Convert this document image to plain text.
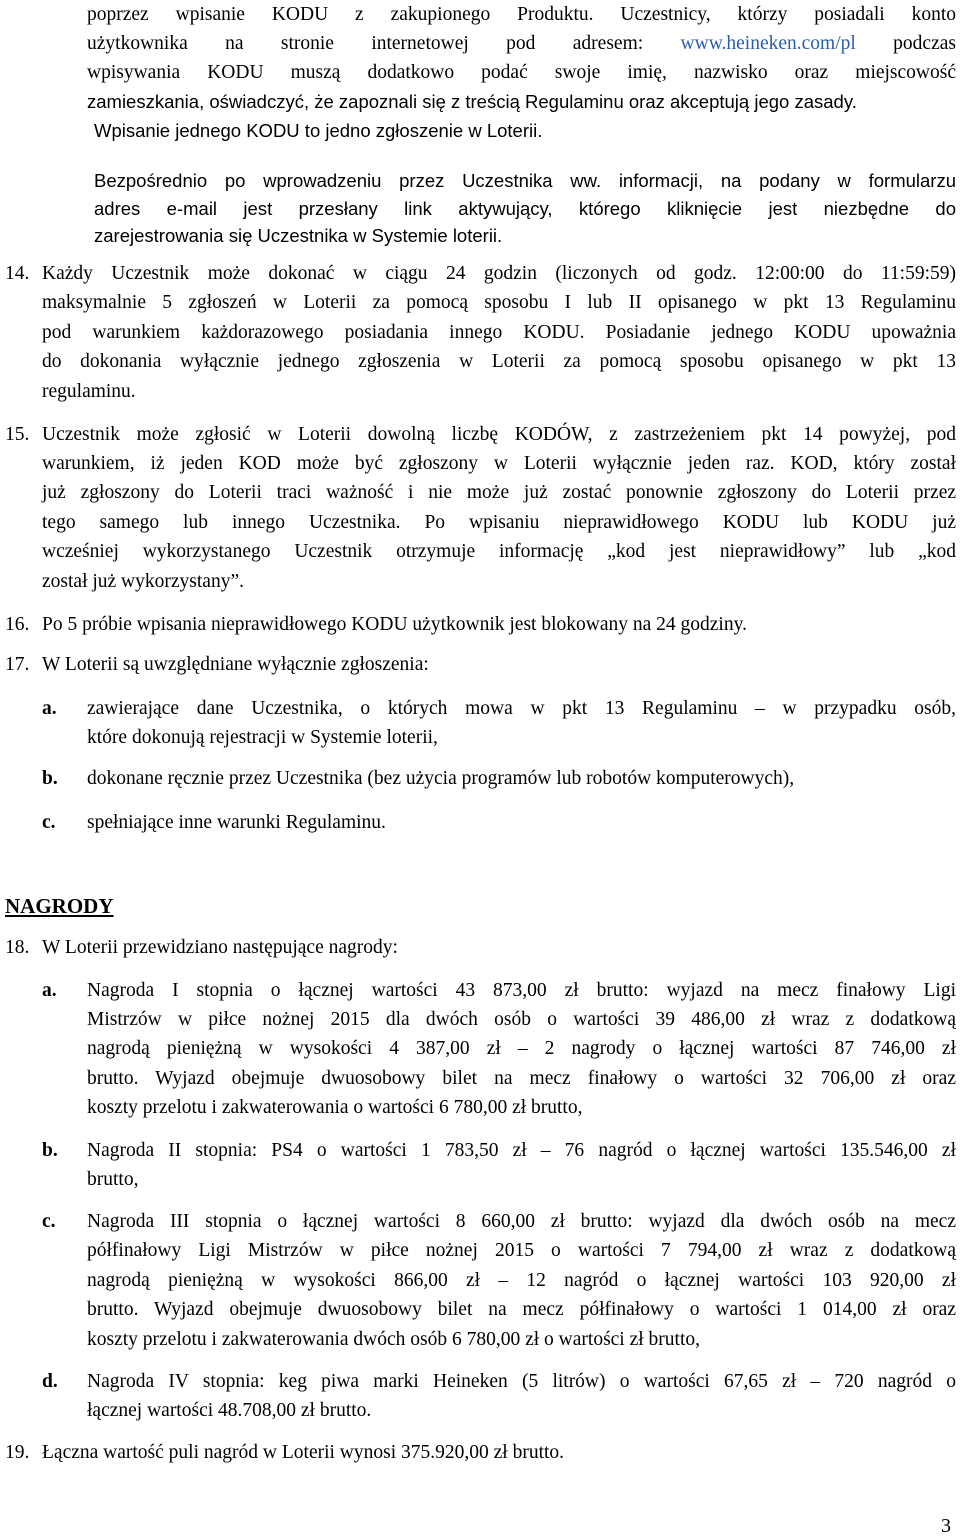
poprzez wpisanie KODU z zakupionego Produktu. Uczestnicy, którzy posiadali konto
użytkownika na stronie internetowej pod adresem: www.heineken.com/pl podczas
wpisywania KODU muszą dodatkowo podać swoje imię, nazwisko oraz miejscowość
zamieszkania, oświadczyć, że zapoznali się z treścią Regulaminu oraz akceptują jego zasady.
Wpisanie jednego KODU to jedno zgłoszenie w Loterii.
Bezpośrednio po wprowadzeniu przez Uczestnika ww. informacji, na podany w formularzu
adres e-mail jest przesłany link aktywujący, którego kliknięcie jest niezbędne do
zarejestrowania się Uczestnika w Systemie loterii.
14. Każdy Uczestnik może dokonać w ciągu 24 godzin (liczonych od godz. 12:00:00 do 11:59:59)
maksymalnie 5 zgłoszeń w Loterii za pomocą sposobu I lub II opisanego w pkt 13 Regulaminu
pod warunkiem każdorazowego posiadania innego KODU. Posiadanie jednego KODU upoważnia
do dokonania wyłącznie jednego zgłoszenia w Loterii za pomocą sposobu opisanego w pkt 13
regulaminu.
15. Uczestnik może zgłosić w Loterii dowolną liczbę KODÓW, z zastrzeżeniem pkt 14 powyżej, pod
warunkiem, iż jeden KOD może być zgłoszony w Loterii wyłącznie jeden raz. KOD, który został
już zgłoszony do Loterii traci ważność i nie może już zostać ponownie zgłoszony do Loterii przez
tego samego lub innego Uczestnika. Po wpisaniu nieprawidłowego KODU lub KODU już
wcześniej wykorzystanego Uczestnik otrzymuje informację „kod jest nieprawidłowy” lub „kod
został już wykorzystany”.
16. Po 5 próbie wpisania nieprawidłowego KODU użytkownik jest blokowany na 24 godziny.
17. W Loterii są uwzględniane wyłącznie zgłoszenia:
a. zawierające dane Uczestnika, o których mowa w pkt 13 Regulaminu – w przypadku osób,
które dokonują rejestracji w Systemie loterii,
b. dokonane ręcznie przez Uczestnika (bez użycia programów lub robotów komputerowych),
c. spełniające inne warunki Regulaminu.
NAGRODY
18. W Loterii przewidziano następujące nagrody:
a. Nagroda I stopnia o łącznej wartości 43 873,00 zł brutto: wyjazd na mecz finałowy Ligi
Mistrzów w piłce nożnej 2015 dla dwóch osób o wartości 39 486,00 zł wraz z dodatkową
nagrodą pieniężną w wysokości 4 387,00 zł – 2 nagrody o łącznej wartości 87 746,00 zł
brutto. Wyjazd obejmuje dwuosobowy bilet na mecz finałowy o wartości 32 706,00 zł oraz
koszty przelotu i zakwaterowania o wartości 6 780,00 zł brutto,
b. Nagroda II stopnia: PS4 o wartości 1 783,50 zł – 76 nagród o łącznej wartości 135.546,00 zł
brutto,
c. Nagroda III stopnia o łącznej wartości 8 660,00 zł brutto: wyjazd dla dwóch osób na mecz
półfinałowy Ligi Mistrzów w piłce nożnej 2015 o wartości 7 794,00 zł wraz z dodatkową
nagrodą pieniężną w wysokości 866,00 zł – 12 nagród o łącznej wartości 103 920,00 zł
brutto. Wyjazd obejmuje dwuosobowy bilet na mecz półfinałowy o wartości 1 014,00 zł oraz
koszty przelotu i zakwaterowania dwóch osób 6 780,00 zł o wartości zł brutto,
d. Nagroda IV stopnia: keg piwa marki Heineken (5 litrów) o wartości 67,65 zł – 720 nagród o
łącznej wartości 48.708,00 zł brutto.
19. Łączna wartość puli nagród w Loterii wynosi 375.920,00 zł brutto.
3
